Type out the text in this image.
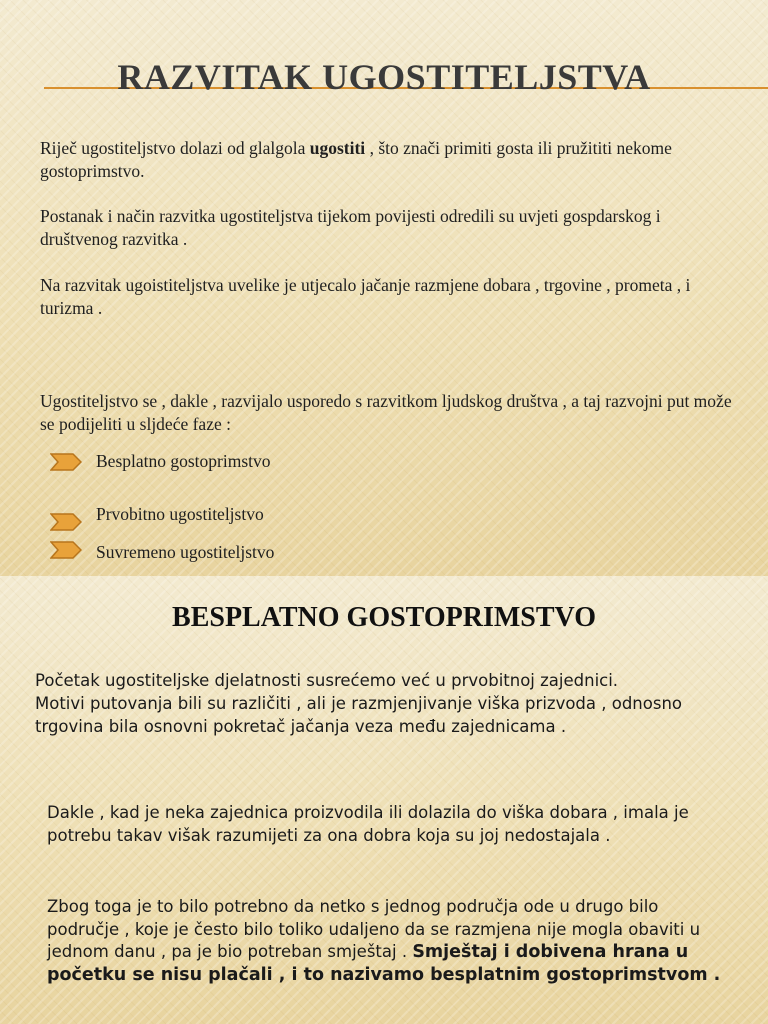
RAZVITAK UGOSTITELJSTVA

Riječ ugostiteljstvo dolazi od glalgola ugostiti , što znači primiti gosta ili pružititi nekome gostoprimstvo.

Postanak i način razvitka ugostiteljstva tijekom povijesti odredili su uvjeti gospdarskog i društvenog razvitka .

Na razvitak ugoistiteljstva uvelike je utjecalo jačanje razmjene dobara , trgovine , prometa , i turizma .

Ugostiteljstvo se , dakle , razvijalo usporedo s razvitkom ljudskog društva , a taj razvojni put može se podijeliti u sljdeće faze :

Besplatno gostoprimstvo
Prvobitno ugostiteljstvo
Suvremeno ugostiteljstvo
BESPLATNO GOSTOPRIMSTVO

Početak ugostiteljske djelatnosti susrećemo već u prvobitnoj zajednici.

Motivi putovanja bili su različiti , ali je razmjenjivanje viška prizvoda , odnosno trgovina bila osnovni pokretač jačanja veza među zajednicama .

Dakle , kad je neka zajednica proizvodila ili dolazila do viška dobara , imala je potrebu takav višak razumijeti za ona dobra koja su joj nedostajala .

Zbog toga je to bilo potrebno da netko s jednog područja ode u drugo bilo područje , koje je često bilo toliko udaljeno da se razmjena nije mogla obaviti u jednom danu , pa je bio potreban smještaj . Smještaj i dobivena hrana u početku se nisu plačali , i to nazivamo besplatnim gostoprimstvom .
